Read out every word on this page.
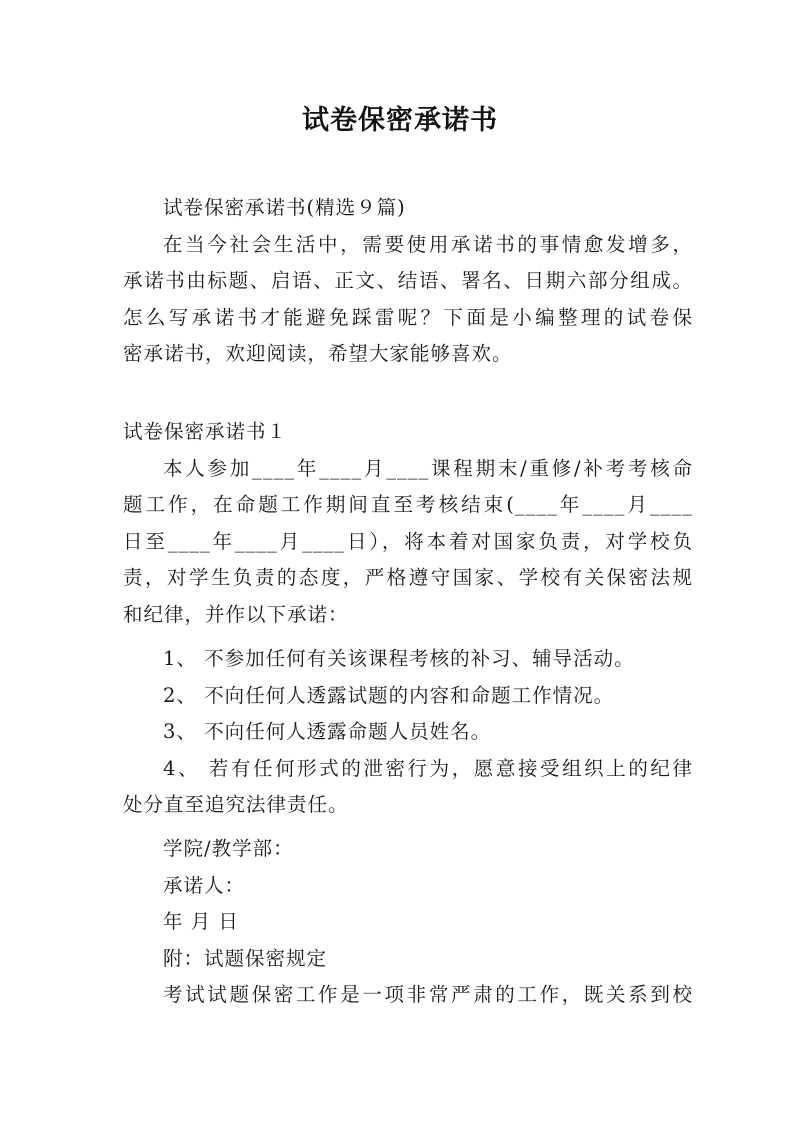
试卷保密承诺书
试卷保密承诺书(精选９篇)
在当今社会生活中，需要使用承诺书的事情愈发增多，
承诺书由标题、启语、正文、结语、署名、日期六部分组成。
怎么写承诺书才能避免踩雷呢？下面是小编整理的试卷保
密承诺书，欢迎阅读，希望大家能够喜欢。
试卷保密承诺书１
本人参加____年____月____课程期末/重修/补考考核命
题工作，在命题工作期间直至考核结束(____年____月____
日至____年____月____日），将本着对国家负责，对学校负
责，对学生负责的态度，严格遵守国家、学校有关保密法规
和纪律，并作以下承诺：
1、 不参加任何有关该课程考核的补习、辅导活动。
2、 不向任何人透露试题的内容和命题工作情况。
3、 不向任何人透露命题人员姓名。
4、 若有任何形式的泄密行为，愿意接受组织上的纪律
处分直至追究法律责任。
学院/教学部：
承诺人：
年 月 日
附：试题保密规定
考试试题保密工作是一项非常严肃的工作，既关系到校
